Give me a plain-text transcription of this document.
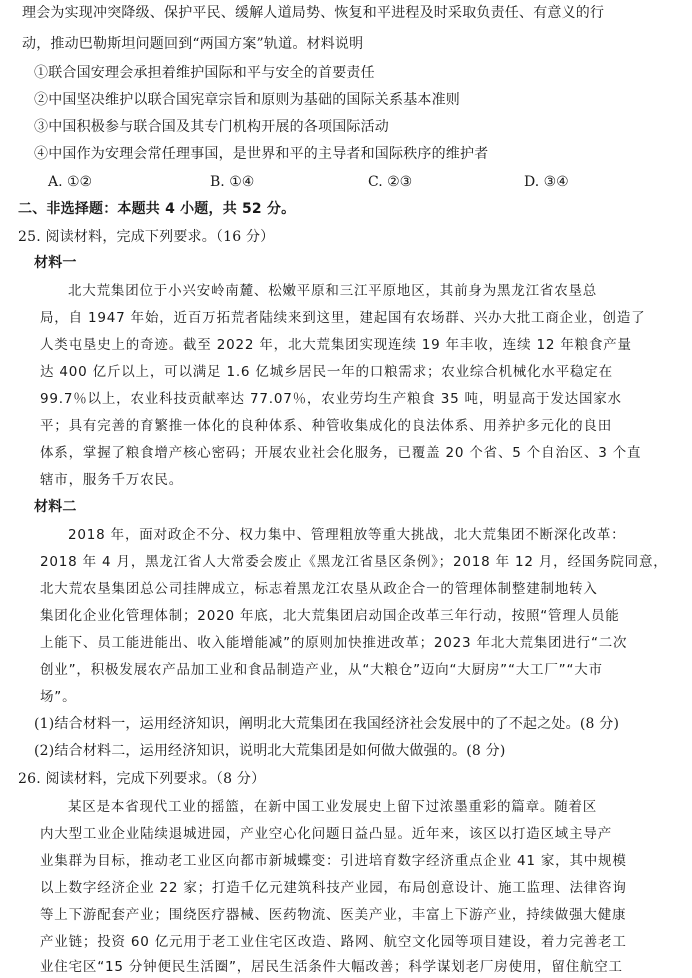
理会为实现冲突降级、保护平民、缓解人道局势、恢复和平进程及时采取负责任、有意义的行
动，推动巴勒斯坦问题回到“两国方案”轨道。材料说明
①联合国安理会承担着维护国际和平与安全的首要责任
②中国坚决维护以联合国宪章宗旨和原则为基础的国际关系基本准则
③中国积极参与联合国及其专门机构开展的各项国际活动
④中国作为安理会常任理事国，是世界和平的主导者和国际秩序的维护者
A. ①②	B. ①④	C. ②③	D. ③④
二、非选择题：本题共 4 小题，共 52 分。
25. 阅读材料，完成下列要求。（16 分）
材料一
北大荒集团位于小兴安岭南麓、松嫩平原和三江平原地区，其前身为黑龙江省农垦总
局，自 1947 年始，近百万拓荒者陆续来到这里，建起国有农场群、兴办大批工商企业，创造了
人类屯垦史上的奇迹。截至 2022 年，北大荒集团实现连续 19 年丰收，连续 12 年粮食产量
达 400 亿斤以上，可以满足 1.6 亿城乡居民一年的口粮需求；农业综合机械化水平稳定在
99.7％以上，农业科技贡献率达 77.07％，农业劳均生产粮食 35 吨，明显高于发达国家水
平；具有完善的育繁推一体化的良种体系、种管收集成化的良法体系、用养护多元化的良田
体系，掌握了粮食增产核心密码；开展农业社会化服务，已覆盖 20 个省、5 个自治区、3 个直
辖市，服务千万农民。
材料二
2018 年，面对政企不分、权力集中、管理粗放等重大挑战，北大荒集团不断深化改革：
2018 年 4 月，黑龙江省人大常委会废止《黑龙江省垦区条例》；2018 年 12 月，经国务院同意，
北大荒农垦集团总公司挂牌成立，标志着黑龙江农垦从政企合一的管理体制整建制地转入
集团化企业化管理体制；2020 年底，北大荒集团启动国企改革三年行动，按照“管理人员能
上能下、员工能进能出、收入能增能减”的原则加快推进改革；2023 年北大荒集团进行“二次
创业”，积极发展农产品加工业和食品制造产业，从“大粮仓”迈向“大厨房”“大工厂”“大市
场”。
(1)结合材料一，运用经济知识，阐明北大荒集团在我国经济社会发展中的了不起之处。(8 分)
(2)结合材料二，运用经济知识，说明北大荒集团是如何做大做强的。(8 分)
26. 阅读材料，完成下列要求。（8 分）
某区是本省现代工业的摇篮，在新中国工业发展史上留下过浓墨重彩的篇章。随着区
内大型工业企业陆续退城进园，产业空心化问题日益凸显。近年来，该区以打造区域主导产
业集群为目标，推动老工业区向都市新城蝶变：引进培育数字经济重点企业 41 家，其中规模
以上数字经济企业 22 家；打造千亿元建筑科技产业园，布局创意设计、施工监理、法律咨询
等上下游配套产业；围绕医疗器械、医药物流、医美产业，丰富上下游产业，持续做强大健康
产业链；投资 60 亿元用于老工业住宅区改造、路网、航空文化园等项目建设，着力完善老工
业住宅区“15 分钟便民生活圈”，居民生活条件大幅改善；科学谋划老厂房使用，留住航空工
